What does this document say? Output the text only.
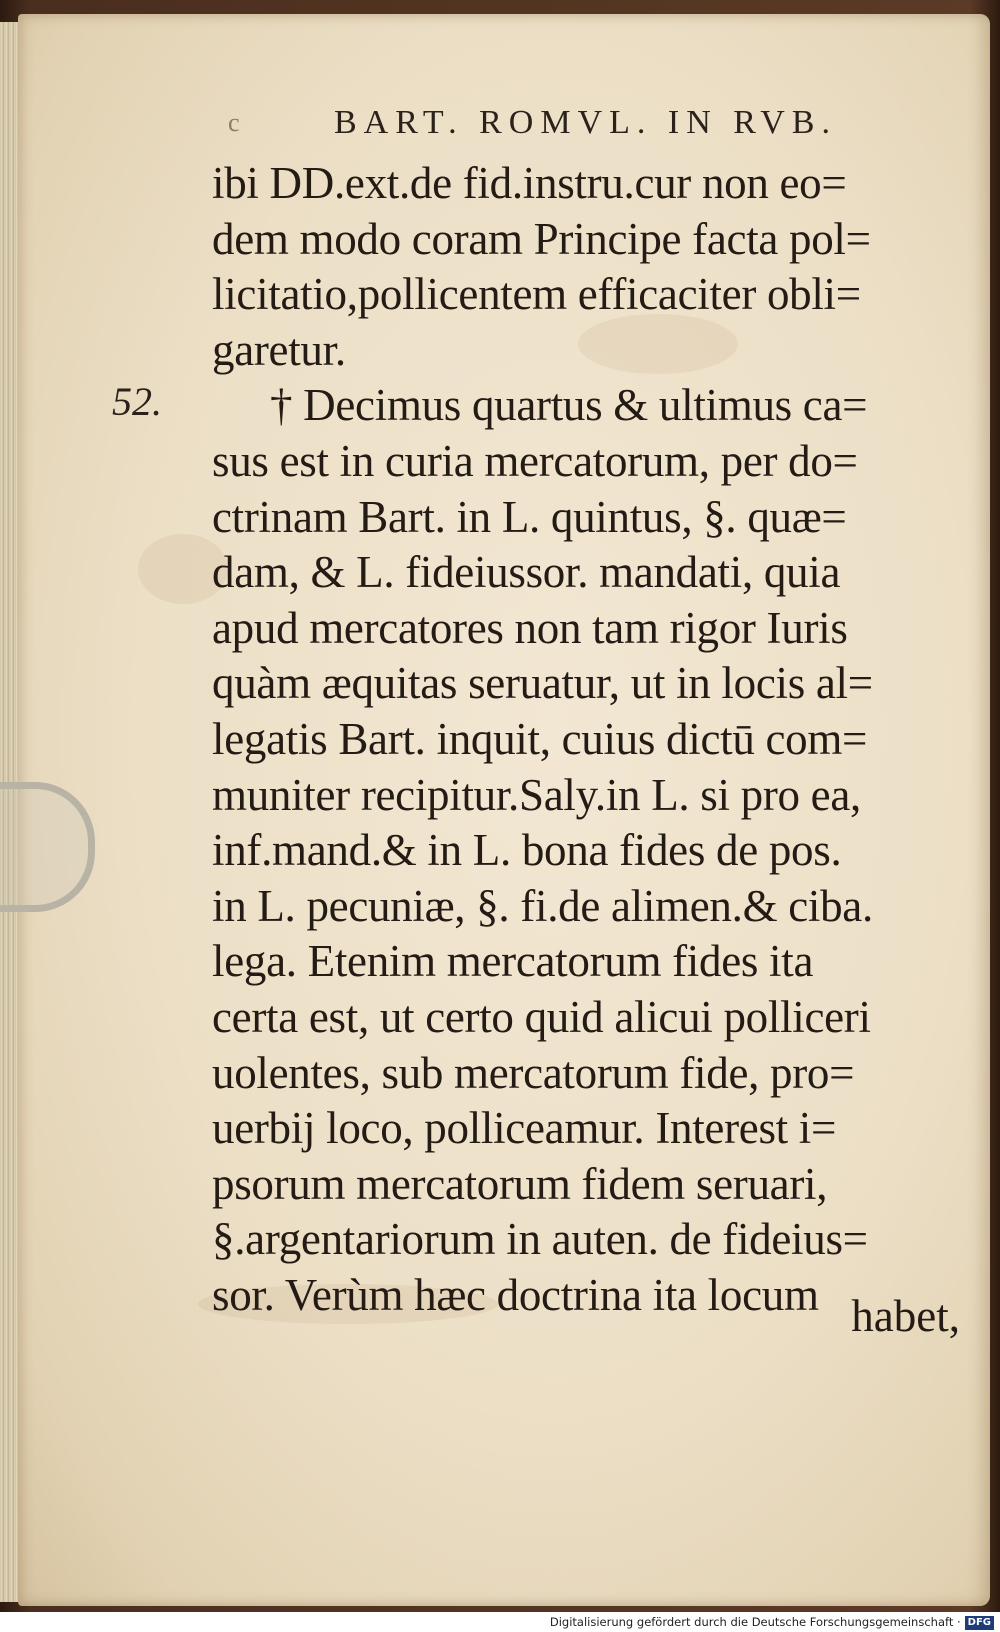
c	BART. ROMVL. IN RVB.
52.
ibi DD.ext.de fid.instru.cur non eo=
dem modo coram Principe facta pol=
licitatio,pollicentem efficaciter obli=
garetur.
† Decimus quartus & ultimus ca=
sus est in curia mercatorum, per do=
ctrinam Bart. in L. quintus, §. quæ=
dam, & L. fideiussor. mandati, quia
apud mercatores non tam rigor Iuris
quàm æquitas seruatur, ut in locis al=
legatis Bart. inquit, cuius dictū com=
muniter recipitur.Saly.in L. si pro ea,
inf.mand.& in L. bona fides de pos.
in L. pecuniæ, §. fi.de alimen.& ciba.
lega. Etenim mercatorum fides ita
certa est, ut certo quid alicui polliceri
uolentes, sub mercatorum fide, pro=
uerbij loco, polliceamur. Interest i=
psorum mercatorum fidem seruari,
§.argentariorum in auten. de fideius=
sor. Verùm hæc doctrina ita locum habet,
Digitalisierung gefördert durch die Deutsche Forschungsgemeinschaft · DFG
